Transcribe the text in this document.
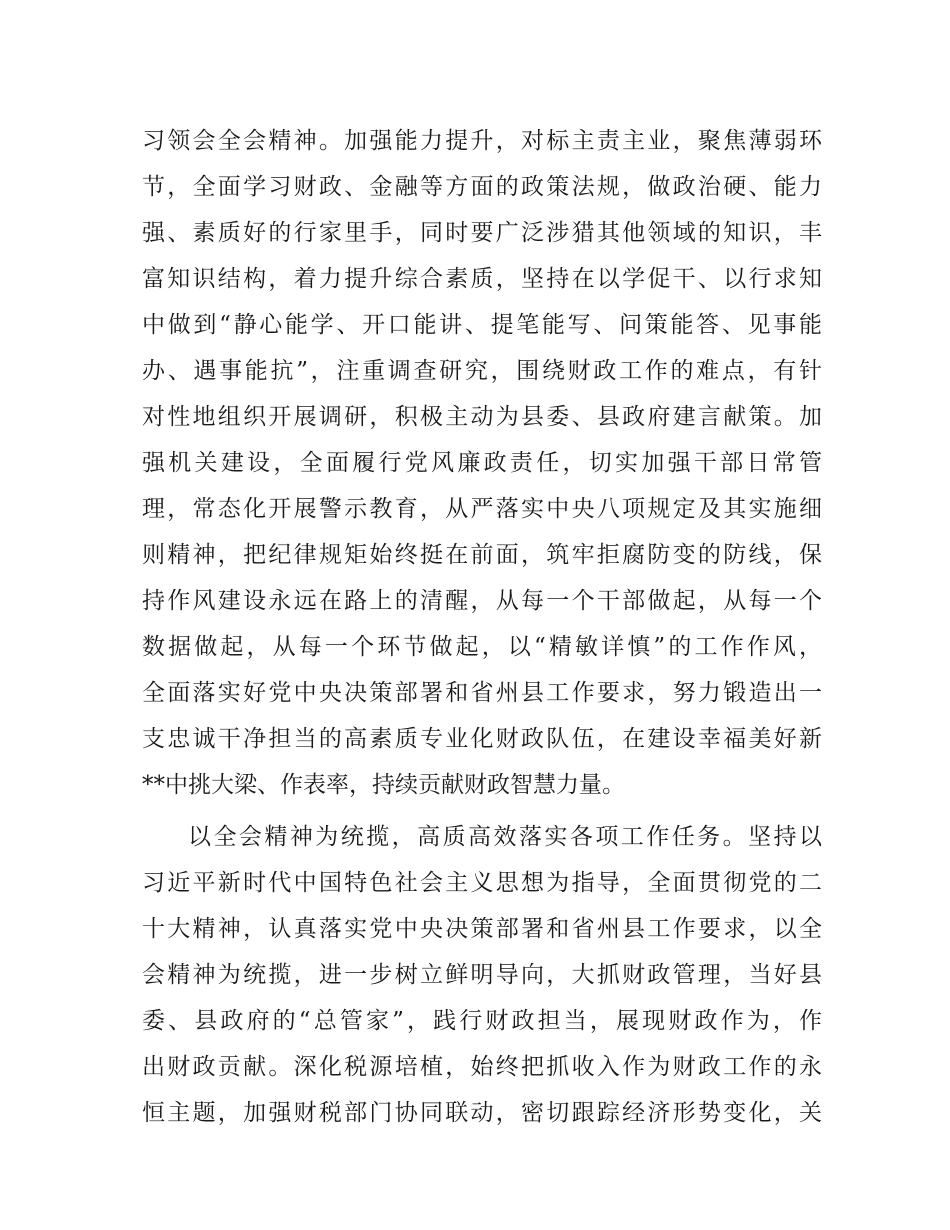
习领会全会精神。加强能力提升，对标主责主业，聚焦薄弱环
节，全面学习财政、金融等方面的政策法规，做政治硬、能力
强、素质好的行家里手，同时要广泛涉猎其他领域的知识，丰
富知识结构，着力提升综合素质，坚持在以学促干、以行求知
中做到“静心能学、开口能讲、提笔能写、问策能答、见事能
办、遇事能抗”，注重调查研究，围绕财政工作的难点，有针
对性地组织开展调研，积极主动为县委、县政府建言献策。加
强机关建设，全面履行党风廉政责任，切实加强干部日常管
理，常态化开展警示教育，从严落实中央八项规定及其实施细
则精神，把纪律规矩始终挺在前面，筑牢拒腐防变的防线，保
持作风建设永远在路上的清醒，从每一个干部做起，从每一个
数据做起，从每一个环节做起，以“精敏详慎”的工作作风，
全面落实好党中央决策部署和省州县工作要求，努力锻造出一
支忠诚干净担当的高素质专业化财政队伍，在建设幸福美好新
**中挑大梁、作表率，持续贡献财政智慧力量。
以全会精神为统揽，高质高效落实各项工作任务。坚持以
习近平新时代中国特色社会主义思想为指导，全面贯彻党的二
十大精神，认真落实党中央决策部署和省州县工作要求，以全
会精神为统揽，进一步树立鲜明导向，大抓财政管理，当好县
委、县政府的“总管家”，践行财政担当，展现财政作为，作
出财政贡献。深化税源培植，始终把抓收入作为财政工作的永
恒主题，加强财税部门协同联动，密切跟踪经济形势变化，关
